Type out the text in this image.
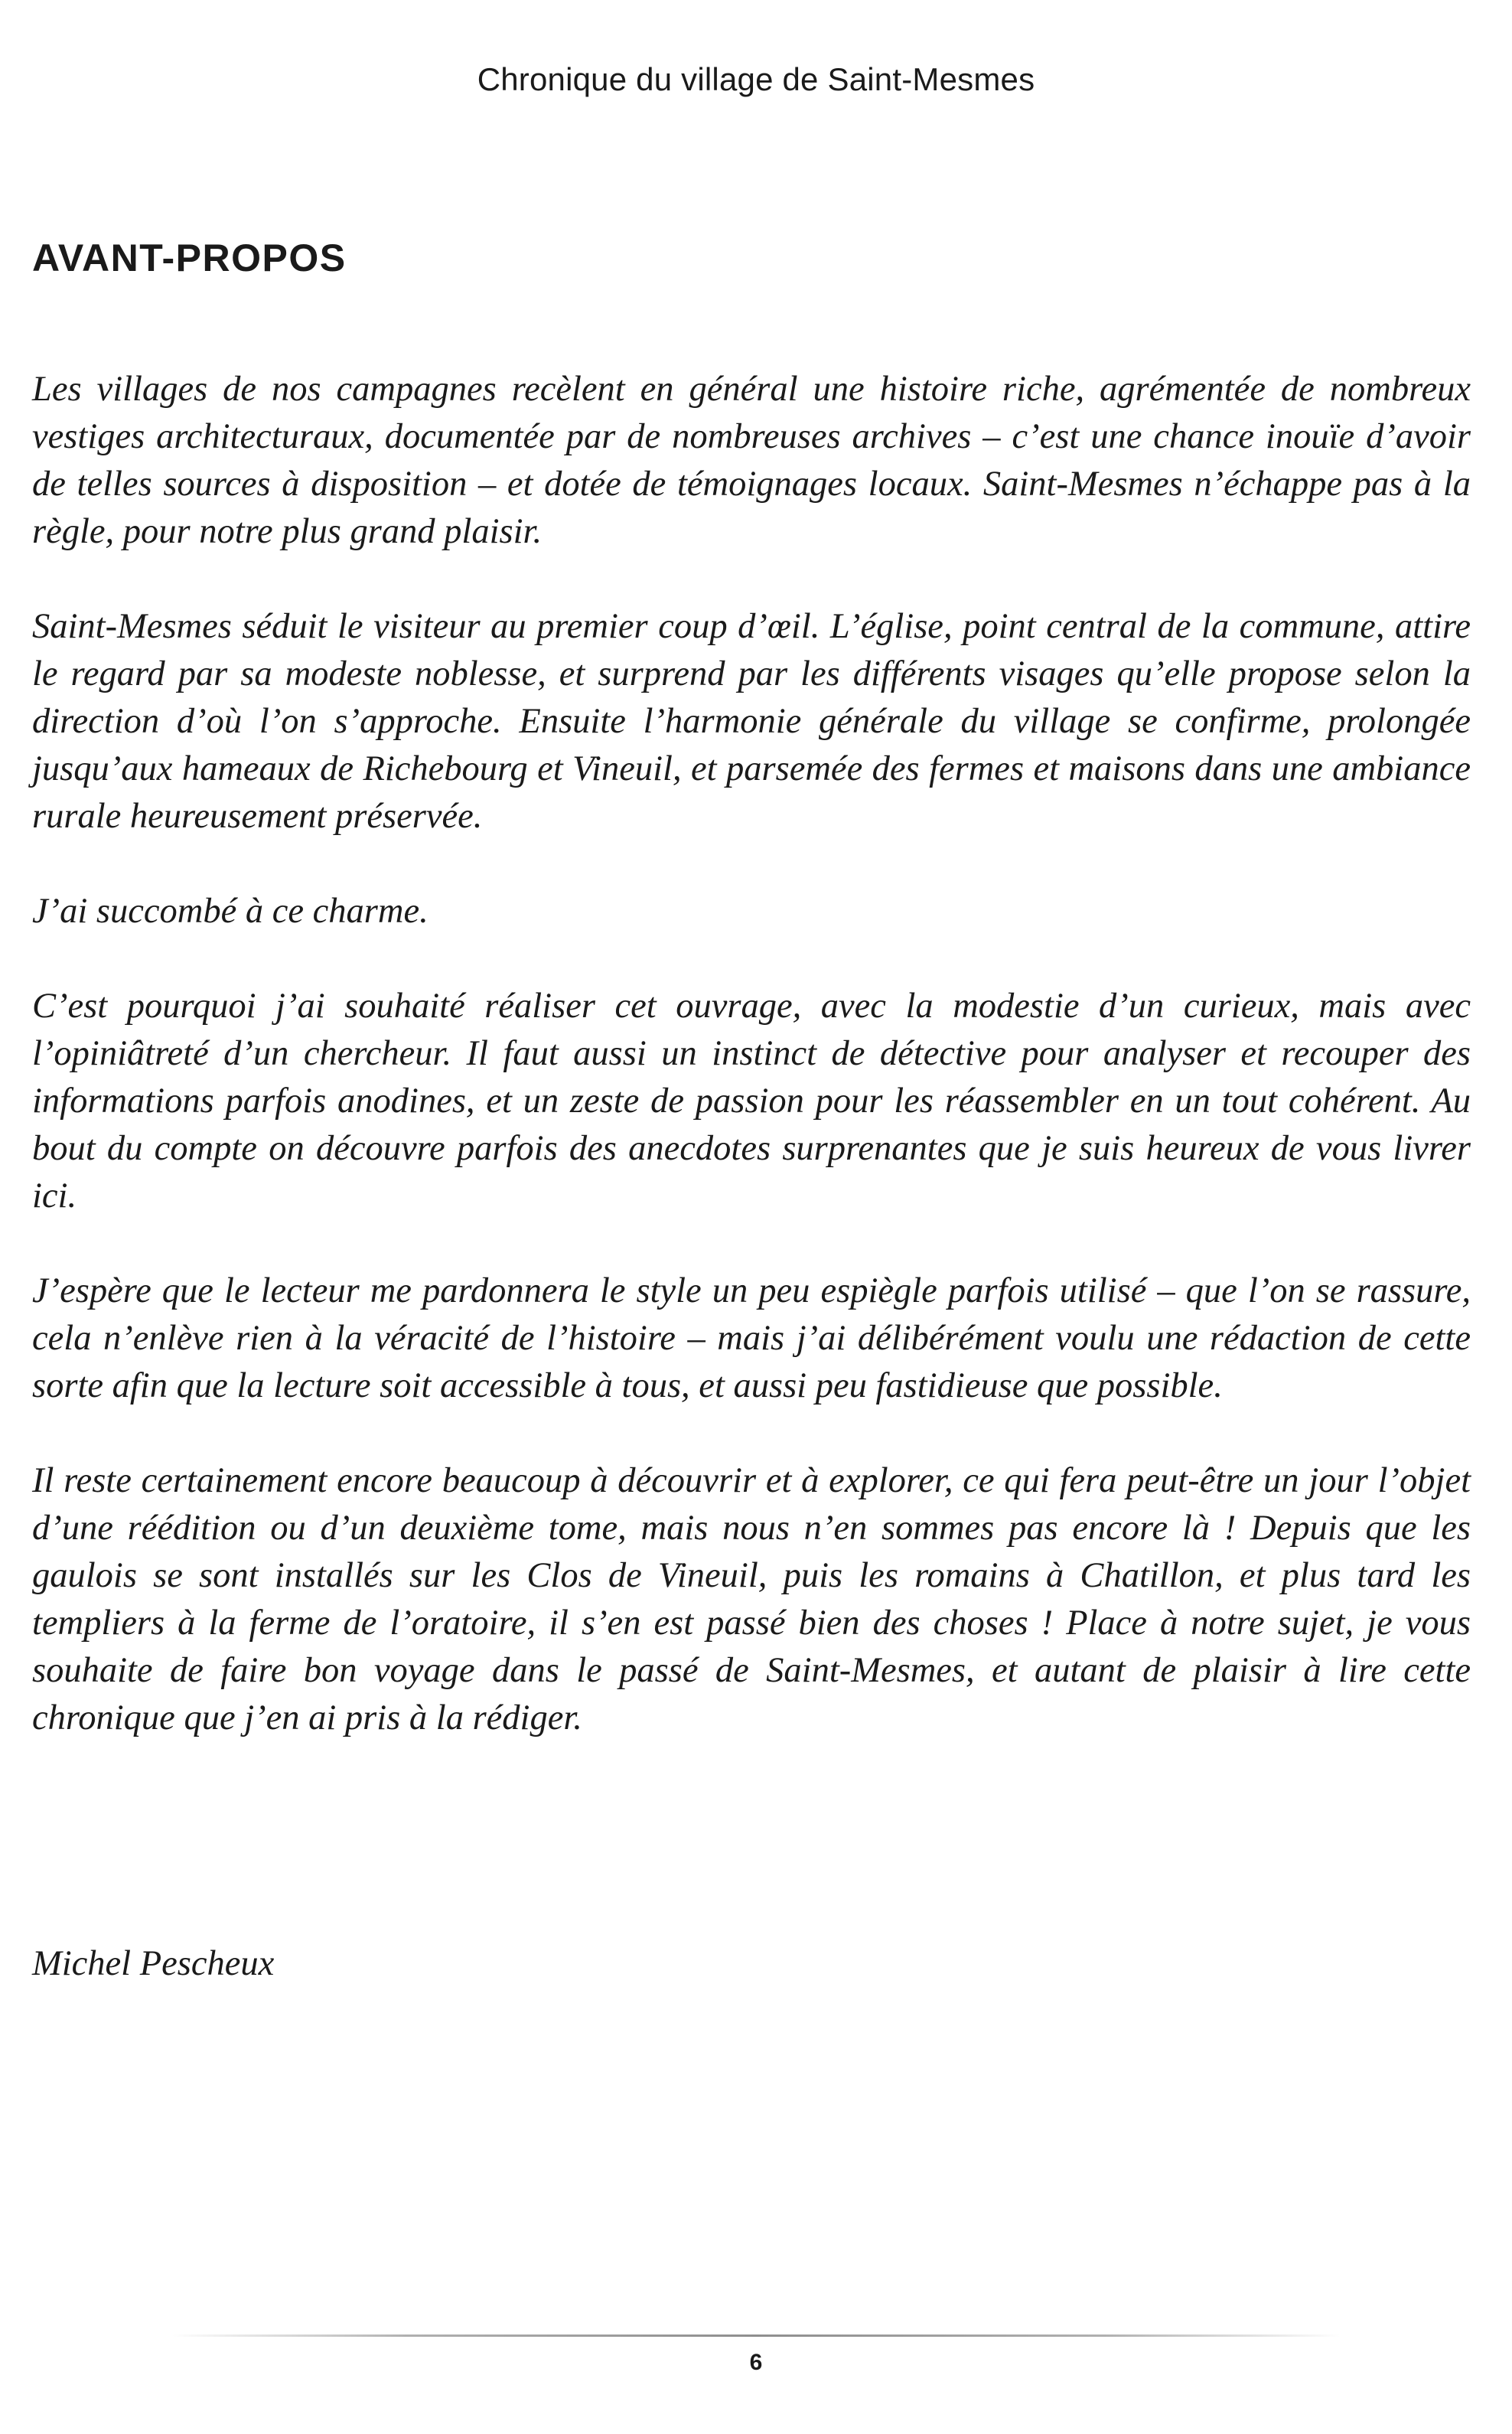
Chronique du village de Saint-Mesmes
AVANT-PROPOS

Les villages de nos campagnes recèlent en général une histoire riche, agrémentée de nombreux vestiges architecturaux, documentée par de nombreuses archives – c’est une chance inouïe d’avoir de telles sources à disposition – et dotée de témoignages locaux. Saint-Mesmes n’échappe pas à la règle, pour notre plus grand plaisir.

Saint-Mesmes séduit le visiteur au premier coup d’œil. L’église, point central de la commune, attire le regard par sa modeste noblesse, et surprend par les différents visages qu’elle propose selon la direction d’où l’on s’approche. Ensuite l’harmonie générale du village se confirme, prolongée jusqu’aux hameaux de Richebourg et Vineuil, et parsemée des fermes et maisons dans une ambiance rurale heureusement préservée.

J’ai succombé à ce charme.

C’est pourquoi j’ai souhaité réaliser cet ouvrage, avec la modestie d’un curieux, mais avec l’opiniâtreté d’un chercheur. Il faut aussi un instinct de détective pour analyser et recouper des informations parfois anodines, et un zeste de passion pour les réassembler en un tout cohérent. Au bout du compte on découvre parfois des anecdotes surprenantes que je suis heureux de vous livrer ici.

J’espère que le lecteur me pardonnera le style un peu espiègle parfois utilisé – que l’on se rassure, cela n’enlève rien à la véracité de l’histoire – mais j’ai délibérément voulu une rédaction de cette sorte afin que la lecture soit accessible à tous, et aussi peu fastidieuse que possible.

Il reste certainement encore beaucoup à découvrir et à explorer, ce qui fera peut-être un jour l’objet d’une réédition ou d’un deuxième tome, mais nous n’en sommes pas encore là ! Depuis que les gaulois se sont installés sur les Clos de Vineuil, puis les romains à Chatillon, et plus tard les templiers à la ferme de l’oratoire, il s’en est passé bien des choses ! Place à notre sujet, je vous souhaite de faire bon voyage dans le passé de Saint-Mesmes, et autant de plaisir à lire cette chronique que j’en ai pris à la rédiger.

Michel Pescheux
6
